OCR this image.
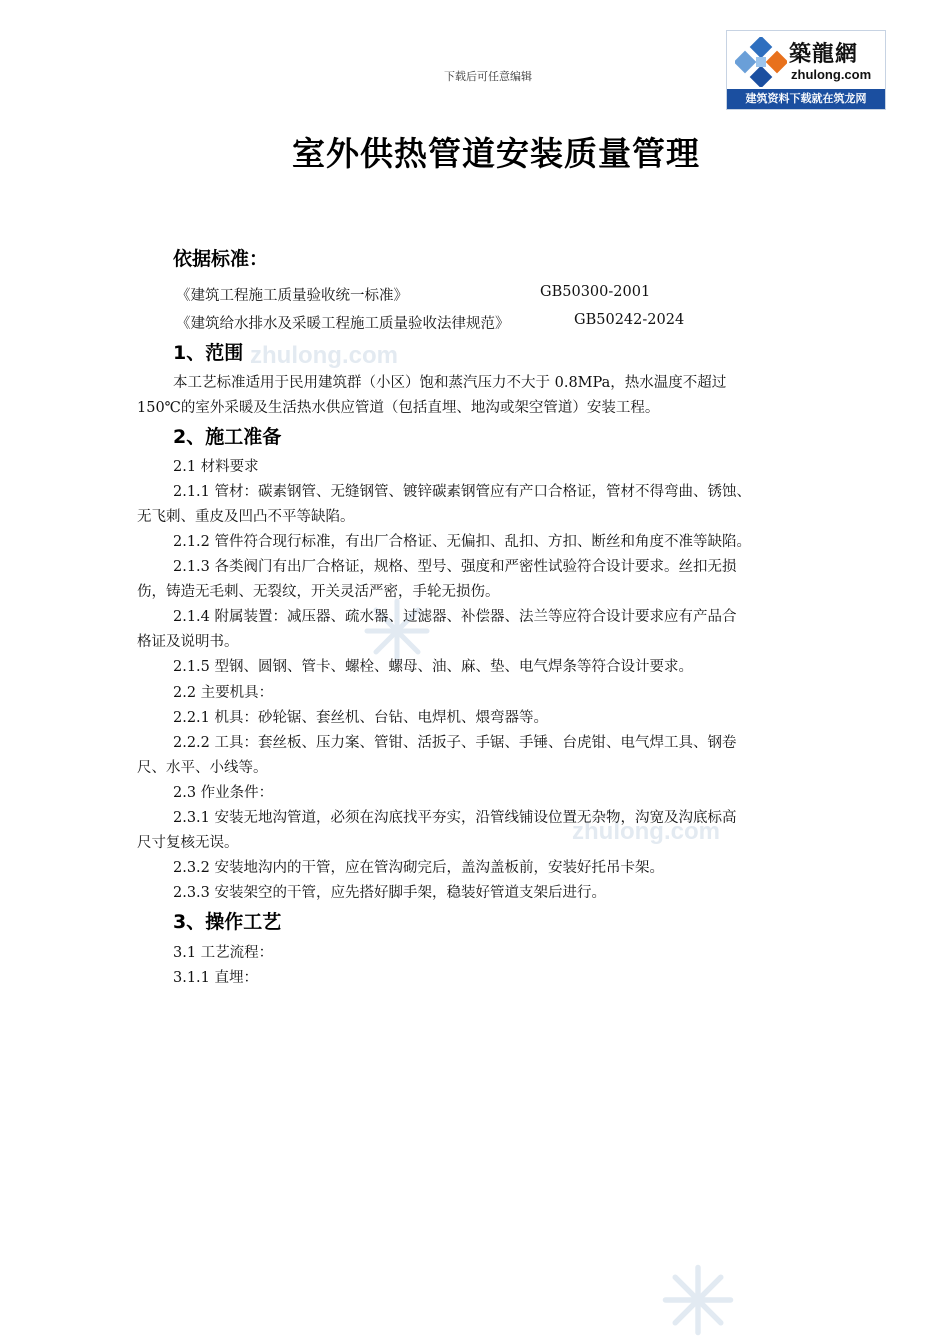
zhulong.com
zhulong.com
下载后可任意编辑
築龍網
zhulong.com
建筑资料下载就在筑龙网
室外供热管道安装质量管理
依据标准：
《建筑工程施工质量验收统一标准》	GB50300-2001
《建筑给水排水及采暖工程施工质量验收法律规范》	GB50242-2024
1、范围
本工艺标准适用于民用建筑群（小区）饱和蒸汽压力不大于 0.8MPa，热水温度不超过
150℃的室外采暖及生活热水供应管道（包括直埋、地沟或架空管道）安装工程。
2、施工准备
2.1 材料要求
2.1.1 管材：碳素钢管、无缝钢管、镀锌碳素钢管应有产口合格证，管材不得弯曲、锈蚀、
无飞刺、重皮及凹凸不平等缺陷。
2.1.2 管件符合现行标准，有出厂合格证、无偏扣、乱扣、方扣、断丝和角度不准等缺陷。
2.1.3 各类阀门有出厂合格证，规格、型号、强度和严密性试验符合设计要求。丝扣无损
伤，铸造无毛刺、无裂纹，开关灵活严密，手轮无损伤。
2.1.4 附属装置：减压器、疏水器、过滤器、补偿器、法兰等应符合设计要求应有产品合
格证及说明书。
2.1.5 型钢、圆钢、管卡、螺栓、螺母、油、麻、垫、电气焊条等符合设计要求。
2.2 主要机具：
2.2.1 机具：砂轮锯、套丝机、台钻、电焊机、煨弯器等。
2.2.2 工具：套丝板、压力案、管钳、活扳子、手锯、手锤、台虎钳、电气焊工具、钢卷
尺、水平、小线等。
2.3 作业条件：
2.3.1 安装无地沟管道，必须在沟底找平夯实，沿管线铺设位置无杂物，沟宽及沟底标高
尺寸复核无误。
2.3.2 安装地沟内的干管，应在管沟砌完后，盖沟盖板前，安装好托吊卡架。
2.3.3 安装架空的干管，应先搭好脚手架，稳装好管道支架后进行。
3、操作工艺
3.1 工艺流程：
3.1.1 直埋：
